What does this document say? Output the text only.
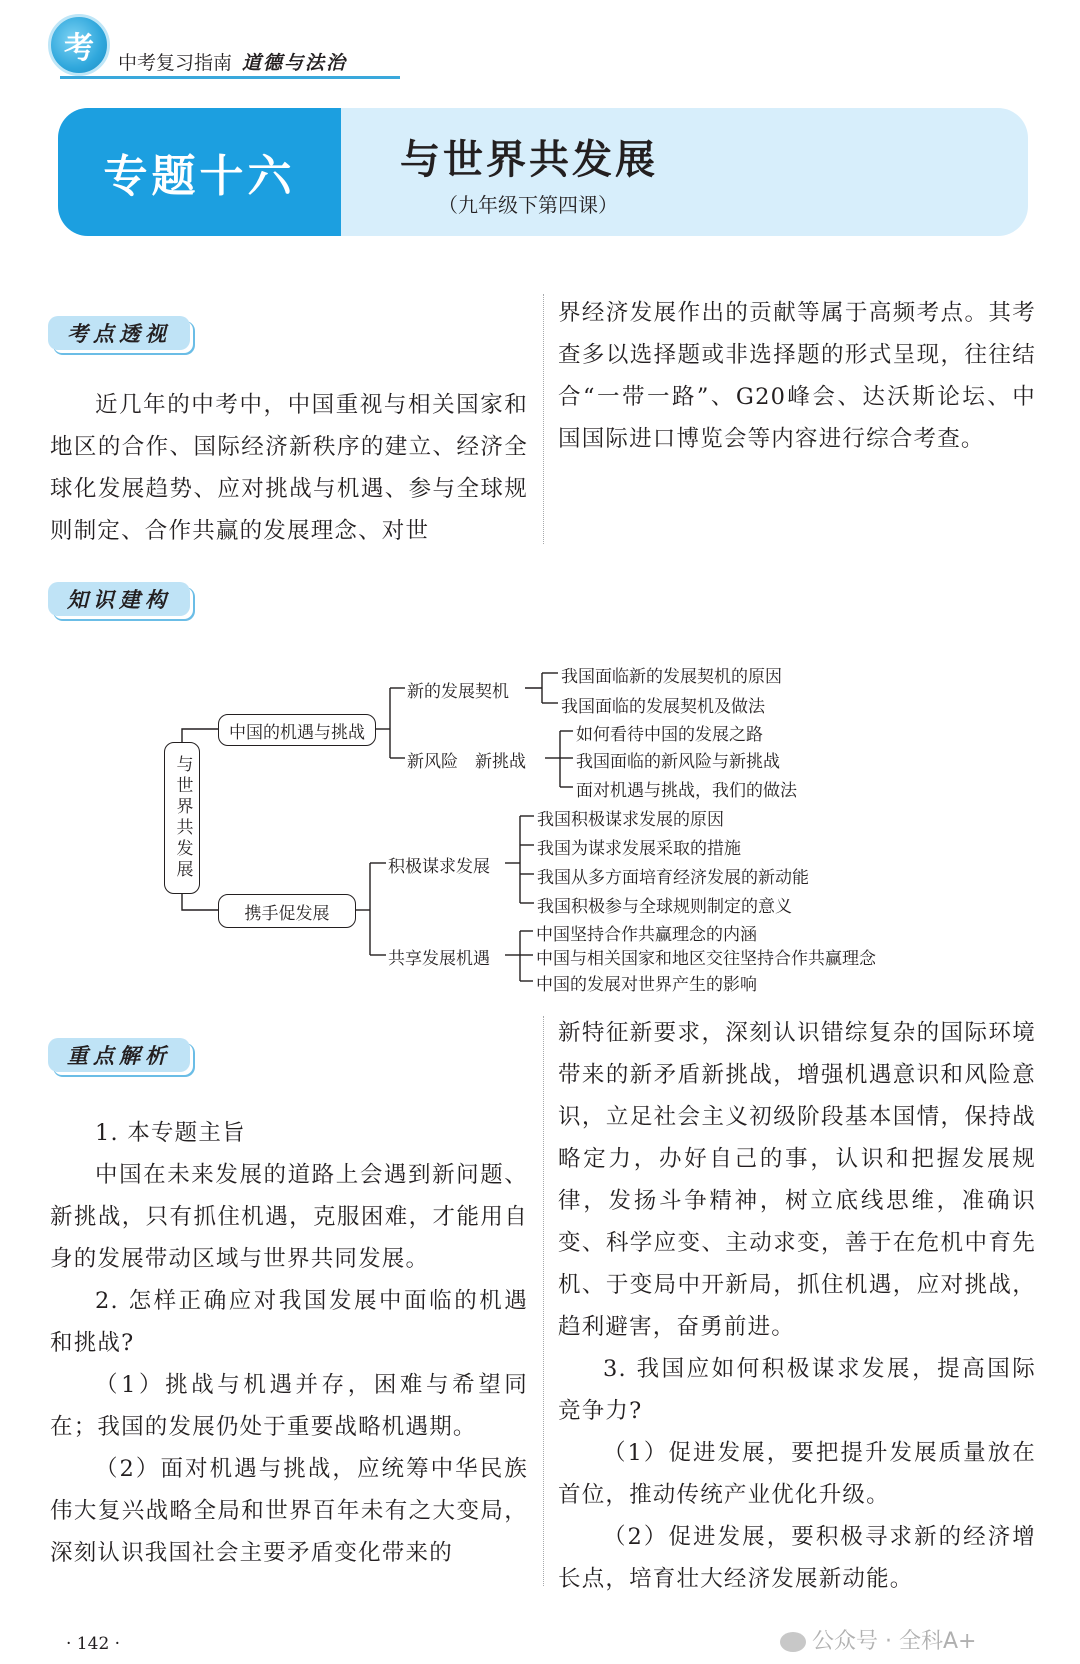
考 中考复习指南 道德与法治
专题十六	与世界共发展
（九年级下第四课）
考点透视

近几年的中考中，中国重视与相关国家和地区的合作、国际经济新秩序的建立、经济全球化发展趋势、应对挑战与机遇、参与全球规则制定、合作共赢的发展理念、对世

界经济发展作出的贡献等属于高频考点。其考查多以选择题或非选择题的形式呈现，往往结合“一带一路”、G20峰会、达沃斯论坛、中国国际进口博览会等内容进行综合考查。

知识建构
与世界共发展
中国的机遇与挑战
携手促发展
新的发展契机
新风险　新挑战
我国面临新的发展契机的原因
我国面临的发展契机及做法
如何看待中国的发展之路
我国面临的新风险与新挑战
面对机遇与挑战，我们的做法
积极谋求发展
共享发展机遇
我国积极谋求发展的原因
我国为谋求发展采取的措施
我国从多方面培育经济发展的新动能
我国积极参与全球规则制定的意义
中国坚持合作共赢理念的内涵
中国与相关国家和地区交往坚持合作共赢理念
中国的发展对世界产生的影响
重点解析

1. 本专题主旨

中国在未来发展的道路上会遇到新问题、新挑战，只有抓住机遇，克服困难，才能用自身的发展带动区域与世界共同发展。

2. 怎样正确应对我国发展中面临的机遇和挑战?

（1）挑战与机遇并存，困难与希望同在；我国的发展仍处于重要战略机遇期。

（2）面对机遇与挑战，应统筹中华民族伟大复兴战略全局和世界百年未有之大变局，深刻认识我国社会主要矛盾变化带来的

新特征新要求，深刻认识错综复杂的国际环境带来的新矛盾新挑战，增强机遇意识和风险意识，立足社会主义初级阶段基本国情，保持战略定力，办好自己的事，认识和把握发展规律，发扬斗争精神，树立底线思维，准确识变、科学应变、主动求变，善于在危机中育先机、于变局中开新局，抓住机遇，应对挑战，趋利避害，奋勇前进。

3. 我国应如何积极谋求发展，提高国际竞争力?

（1）促进发展，要把提升发展质量放在首位，推动传统产业优化升级。

（2）促进发展，要积极寻求新的经济增长点，培育壮大经济发展新动能。

· 142 ·	公众号 · 全科A+
